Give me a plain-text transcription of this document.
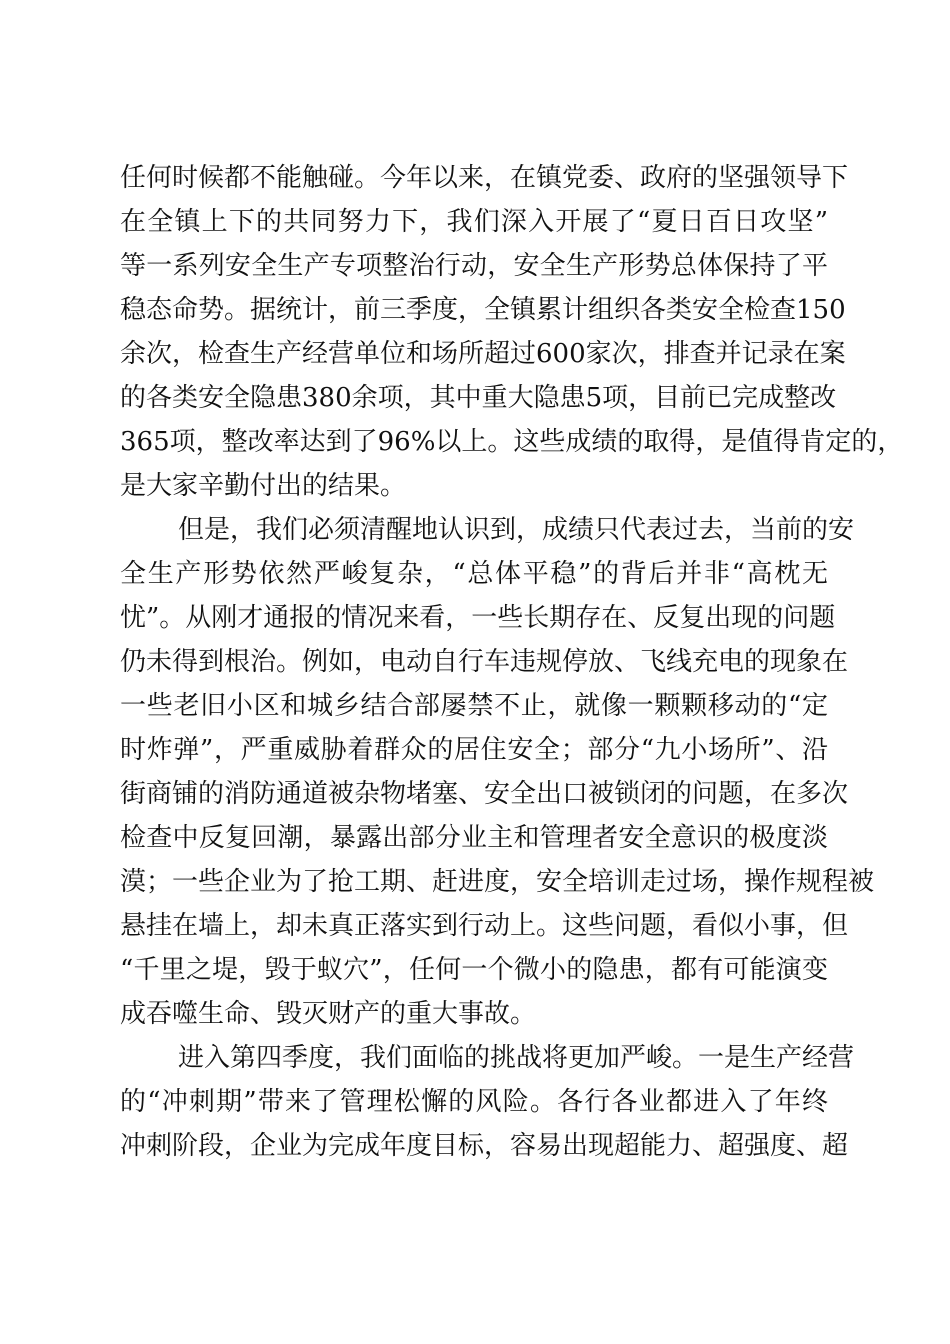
任何时候都不能触碰。今年以来，在镇党委、政府的坚强领导下
在全镇上下的共同努力下，我们深入开展了“夏日百日攻坚”
等一系列安全生产专项整治行动，安全生产形势总体保持了平
稳态命势。据统计，前三季度，全镇累计组织各类安全检查150
余次，检查生产经营单位和场所超过600家次，排查并记录在案
的各类安全隐患380余项，其中重大隐患5项，目前已完成整改
365项，整改率达到了96%以上。这些成绩的取得，是值得肯定的，
是大家辛勤付出的结果。
但是，我们必须清醒地认识到，成绩只代表过去，当前的安
全生产形势依然严峻复杂，“总体平稳”的背后并非“高枕无
忧”。从刚才通报的情况来看，一些长期存在、反复出现的问题
仍未得到根治。例如，电动自行车违规停放、飞线充电的现象在
一些老旧小区和城乡结合部屡禁不止，就像一颗颗移动的“定
时炸弹”，严重威胁着群众的居住安全；部分“九小场所”、沿
街商铺的消防通道被杂物堵塞、安全出口被锁闭的问题，在多次
检查中反复回潮，暴露出部分业主和管理者安全意识的极度淡
漠；一些企业为了抢工期、赶进度，安全培训走过场，操作规程被
悬挂在墙上，却未真正落实到行动上。这些问题，看似小事，但
“千里之堤，毁于蚁穴”，任何一个微小的隐患，都有可能演变
成吞噬生命、毁灭财产的重大事故。
进入第四季度，我们面临的挑战将更加严峻。一是生产经营
的“冲刺期”带来了管理松懈的风险。各行各业都进入了年终
冲刺阶段，企业为完成年度目标，容易出现超能力、超强度、超
